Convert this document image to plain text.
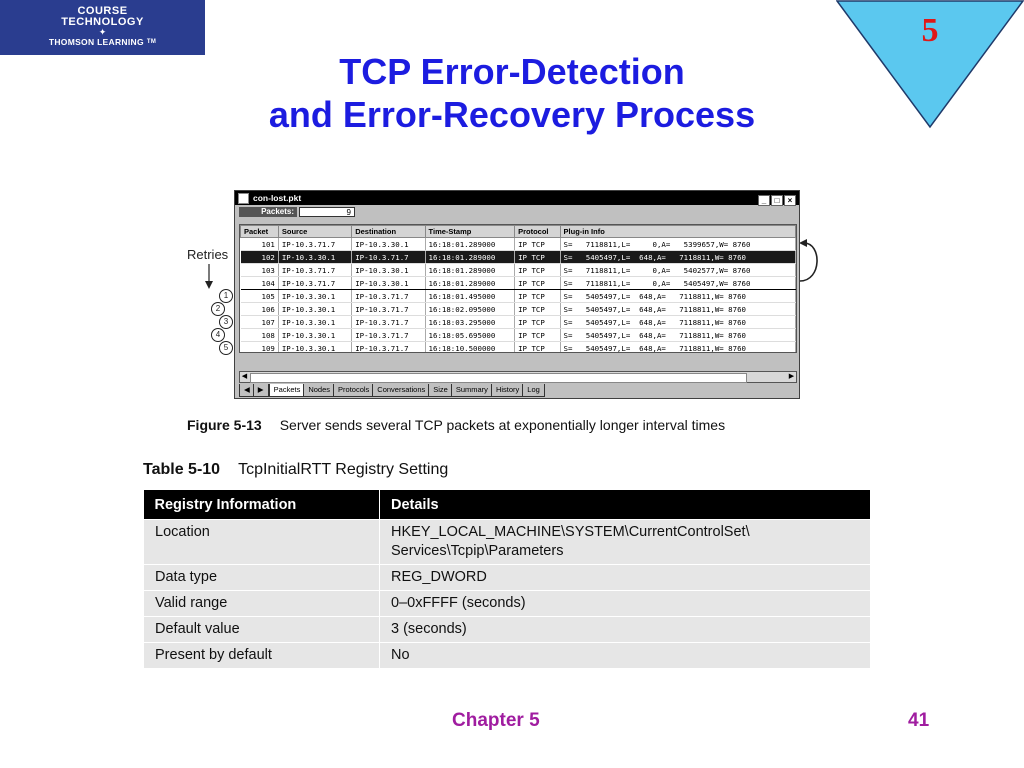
COURSE
TECHNOLOGY
✦
THOMSON LEARNING ™	5
TCP Error-Detection
and Error-Recovery Process
Retries
1
2
3
4
5
con-lost.pkt	_ □ ×
Packets:	9
Packet	Source	Destination	Time-Stamp	Protocol	Plug-in Info
101	IP-10.3.71.7	IP-10.3.30.1	16:18:01.289000	IP TCP	S=   7118811,L=     0,A=   5399657,W= 8760
102	IP-10.3.30.1	IP-10.3.71.7	16:18:01.289000	IP TCP	S=   5405497,L=  648,A=   7118811,W= 8760
103	IP-10.3.71.7	IP-10.3.30.1	16:18:01.289000	IP TCP	S=   7118811,L=     0,A=   5402577,W= 8760
104	IP-10.3.71.7	IP-10.3.30.1	16:18:01.289000	IP TCP	S=   7118811,L=     0,A=   5405497,W= 8760
105	IP-10.3.30.1	IP-10.3.71.7	16:18:01.495000	IP TCP	S=   5405497,L=  648,A=   7118811,W= 8760
106	IP-10.3.30.1	IP-10.3.71.7	16:18:02.095000	IP TCP	S=   5405497,L=  648,A=   7118811,W= 8760
107	IP-10.3.30.1	IP-10.3.71.7	16:18:03.295000	IP TCP	S=   5405497,L=  648,A=   7118811,W= 8760
108	IP-10.3.30.1	IP-10.3.71.7	16:18:05.695000	IP TCP	S=   5405497,L=  648,A=   7118811,W= 8760
109	IP-10.3.30.1	IP-10.3.71.7	16:18:10.500000	IP TCP	S=   5405497,L=  648,A=   7118811,W= 8760
◀	▶
◀ ▶ Packets Nodes Protocols Conversations Size Summary History Log
Figure 5-13 Server sends several TCP packets at exponentially longer interval times
Table 5-10 TcpInitialRTT Registry Setting
Registry Information	Details
Location	HKEY_LOCAL_MACHINE\SYSTEM\CurrentControlSet\
Services\Tcpip\Parameters
Data type	REG_DWORD
Valid range	0–0xFFFF (seconds)
Default value	3 (seconds)
Present by default	No
Chapter 5	41
